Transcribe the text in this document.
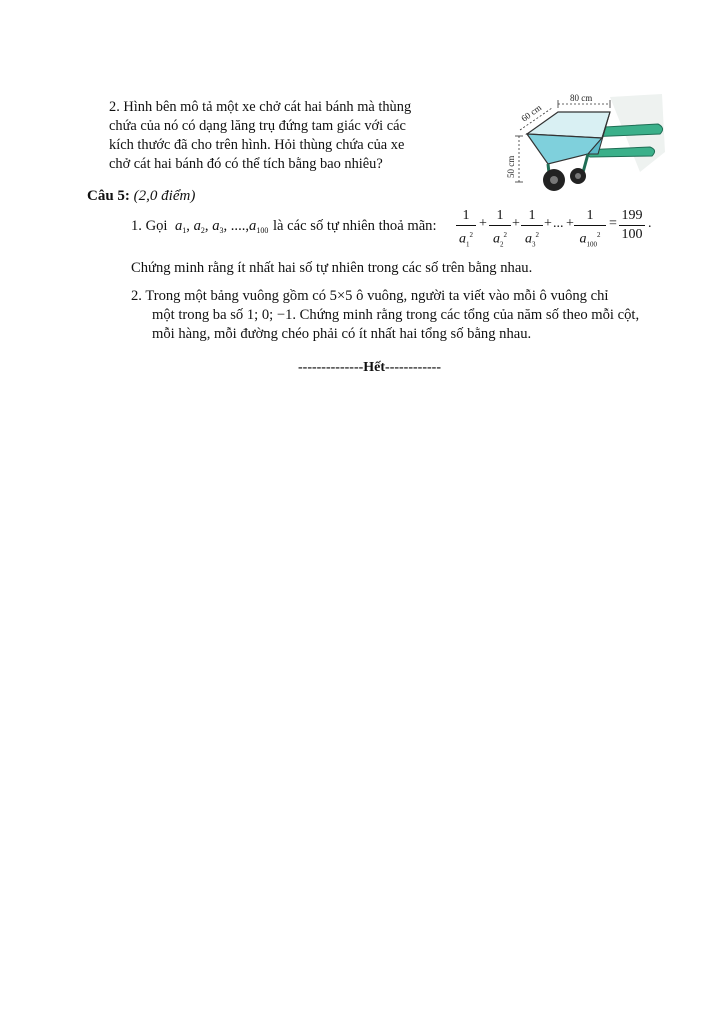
2. Hình bên mô tả một xe chở cát hai bánh mà thùng
chứa của nó có dạng lăng trụ đứng tam giác với các
kích thước đã cho trên hình. Hỏi thùng chứa của xe
chở cát hai bánh đó có thể tích bằng bao nhiêu?	50 cm
60 cm
80 cm
Câu 5: (2,0 điểm)
1. Gọi $a_1$, $a_2$, $a_3$, $....,a_{100}$ là các số tự nhiên thoả mãn:
1
$a_1^2$
+
1
$a_2^2$
+
1
$a_3^2$
+ ... +
1
$a_{100}^2$
=
199
100
.
Chứng minh rằng ít nhất hai số tự nhiên trong các số trên bằng nhau.
2. Trong một bảng vuông gồm có 5×5 ô vuông, người ta viết vào mỗi ô vuông chỉ
một trong ba số 1; 0; −1. Chứng minh rằng trong các tổng của năm số theo mỗi cột,
mỗi hàng, mỗi đường chéo phải có ít nhất hai tổng số bằng nhau.
--------------Hết------------
